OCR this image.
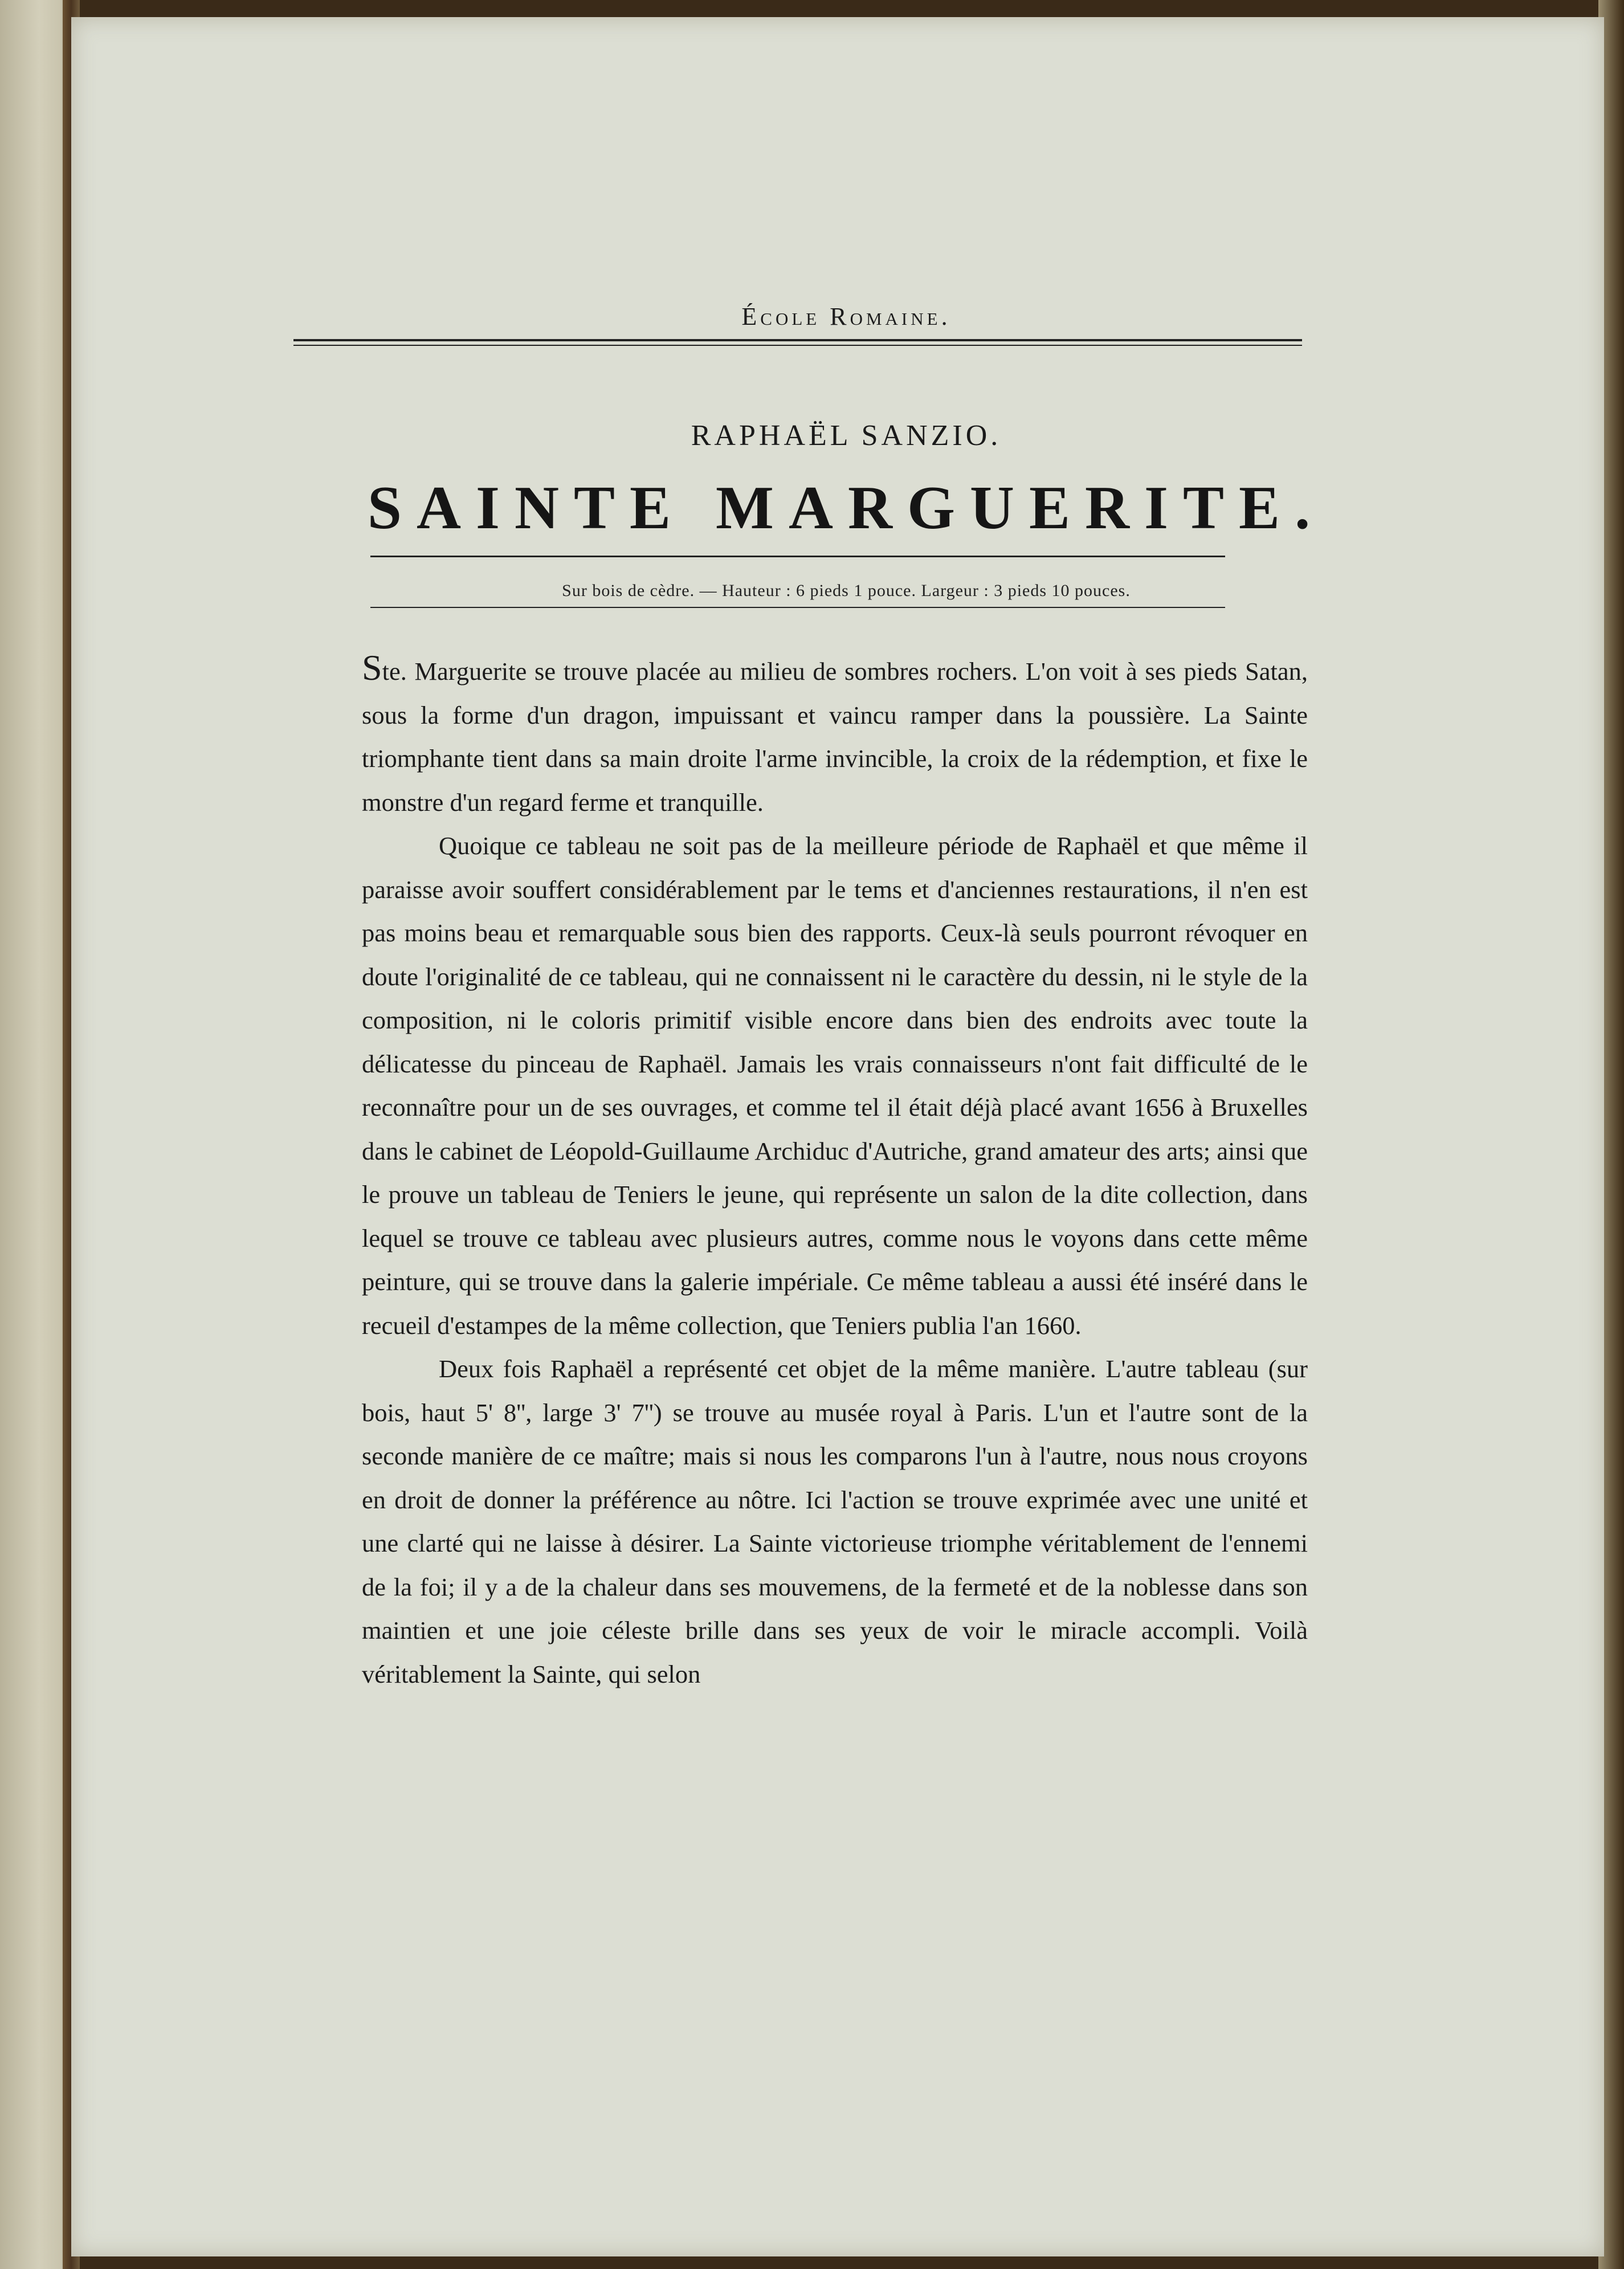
École Romaine.
RAPHAËL SANZIO.
SAINTE MARGUERITE.
Sur bois de cèdre. — Hauteur : 6 pieds 1 pouce. Largeur : 3 pieds 10 pouces.

Ste. Marguerite se trouve placée au milieu de sombres rochers. L'on voit à ses pieds Satan, sous la forme d'un dragon, impuissant et vaincu ramper dans la poussière. La Sainte triomphante tient dans sa main droite l'arme invincible, la croix de la rédemption, et fixe le monstre d'un regard ferme et tranquille.

Quoique ce tableau ne soit pas de la meilleure période de Raphaël et que même il paraisse avoir souffert considérablement par le tems et d'anciennes restaurations, il n'en est pas moins beau et remarquable sous bien des rapports. Ceux-là seuls pourront révoquer en doute l'originalité de ce tableau, qui ne connaissent ni le caractère du dessin, ni le style de la composition, ni le coloris primitif visible encore dans bien des endroits avec toute la délicatesse du pinceau de Raphaël. Jamais les vrais connaisseurs n'ont fait difficulté de le reconnaître pour un de ses ouvrages, et comme tel il était déjà placé avant 1656 à Bruxelles dans le cabinet de Léopold-Guillaume Archiduc d'Autriche, grand amateur des arts; ainsi que le prouve un tableau de Teniers le jeune, qui représente un salon de la dite collection, dans lequel se trouve ce tableau avec plusieurs autres, comme nous le voyons dans cette même peinture, qui se trouve dans la galerie impériale. Ce même tableau a aussi été inséré dans le recueil d'estampes de la même collection, que Teniers publia l'an 1660.

Deux fois Raphaël a représenté cet objet de la même manière. L'autre tableau (sur bois, haut 5' 8'', large 3' 7'') se trouve au musée royal à Paris. L'un et l'autre sont de la seconde manière de ce maître; mais si nous les comparons l'un à l'autre, nous nous croyons en droit de donner la préférence au nôtre. Ici l'action se trouve exprimée avec une unité et une clarté qui ne laisse à désirer. La Sainte victorieuse triomphe véritablement de l'ennemi de la foi; il y a de la chaleur dans ses mouvemens, de la fermeté et de la noblesse dans son maintien et une joie céleste brille dans ses yeux de voir le miracle accompli. Voilà véritablement la Sainte, qui selon
